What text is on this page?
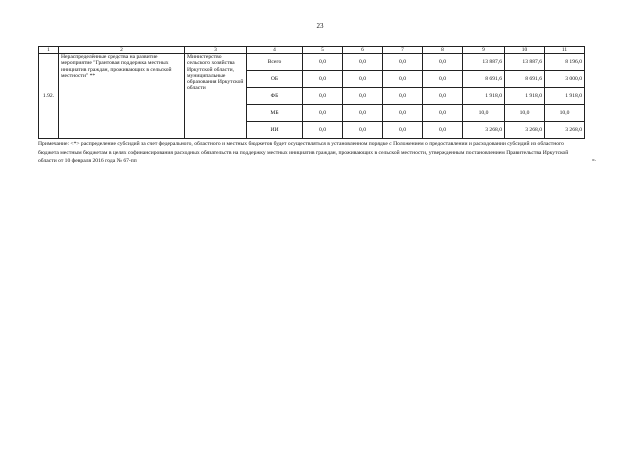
23
1	2	3	4	5	6	7	8	9	10	11
1.92.	Нераспределённые средства на развитие мероприятие "Грантовая поддержка местных инициатив граждан, проживающих в сельской местности" **	Министерство сельского хозяйства Иркутской области, муниципальные образования Иркутской области	Всего	0,0	0,0	0,0	0,0	13 887,6	13 887,6	8 196,0
			ОБ	0,0	0,0	0,0	0,0	8 691,6	8 691,6	3 000,0
			ФБ	0,0	0,0	0,0	0,0	1 918,0	1 918,0	1 918,0
			МБ	0,0	0,0	0,0	0,0	10,0	10,0	10,0
			ИИ	0,0	0,0	0,0	0,0	3 268,0	3 268,0	3 268,0
Примечание: <*> распределение субсидий за счет федерального, областного и местных бюджетов будет осуществляться в установленном порядке с Положением о предоставлении и расходовании субсидий из областного бюджета местным бюджетам в целях софинансирования расходных обязательств на поддержку местных инициатив граждан, проживающих в сельской местности, утвержденным постановлением Правительства Иркутской области от 10 февраля 2016 года № 67-пп	».
